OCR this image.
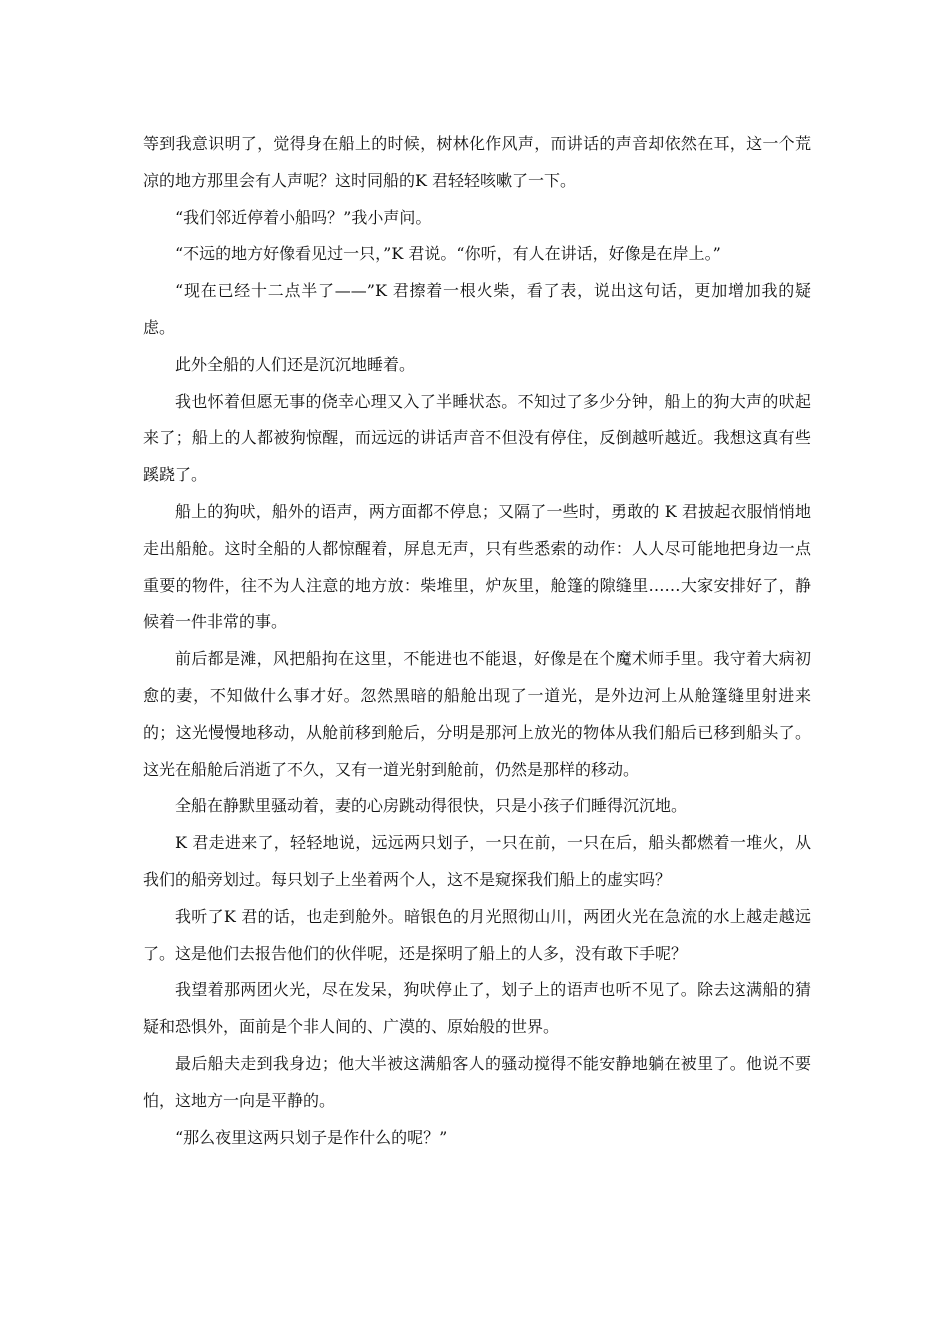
等到我意识明了，觉得身在船上的时候，树林化作风声，而讲话的声音却依然在耳，这一个荒凉的地方那里会有人声呢？这时同船的K 君轻轻咳嗽了一下。

“我们邻近停着小船吗？”我小声问。

“不远的地方好像看见过一只，”K 君说。“你听，有人在讲话，好像是在岸上。”

“现在已经十二点半了——”K 君擦着一根火柴，看了表，说出这句话，更加增加我的疑虑。

此外全船的人们还是沉沉地睡着。

我也怀着但愿无事的侥幸心理又入了半睡状态。不知过了多少分钟，船上的狗大声的吠起来了；船上的人都被狗惊醒，而远远的讲话声音不但没有停住，反倒越听越近。我想这真有些蹊跷了。

船上的狗吠，船外的语声，两方面都不停息；又隔了一些时，勇敢的 K 君披起衣服悄悄地走出船舱。这时全船的人都惊醒着，屏息无声，只有些悉索的动作：人人尽可能地把身边一点重要的物件，往不为人注意的地方放：柴堆里，炉灰里，舱篷的隙缝里……大家安排好了，静候着一件非常的事。

前后都是滩，风把船拘在这里，不能进也不能退，好像是在个魔术师手里。我守着大病初愈的妻，不知做什么事才好。忽然黑暗的船舱出现了一道光，是外边河上从舱篷缝里射进来的；这光慢慢地移动，从舱前移到舱后，分明是那河上放光的物体从我们船后已移到船头了。这光在船舱后消逝了不久，又有一道光射到舱前，仍然是那样的移动。

全船在静默里骚动着，妻的心房跳动得很快，只是小孩子们睡得沉沉地。

K 君走进来了，轻轻地说，远远两只划子，一只在前，一只在后，船头都燃着一堆火，从我们的船旁划过。每只划子上坐着两个人，这不是窥探我们船上的虚实吗？

我听了K 君的话，也走到舱外。暗银色的月光照彻山川，两团火光在急流的水上越走越远了。这是他们去报告他们的伙伴呢，还是探明了船上的人多，没有敢下手呢？

我望着那两团火光，尽在发呆，狗吠停止了，划子上的语声也听不见了。除去这满船的猜疑和恐惧外，面前是个非人间的、广漠的、原始般的世界。

最后船夫走到我身边；他大半被这满船客人的骚动搅得不能安静地躺在被里了。他说不要怕，这地方一向是平静的。

“那么夜里这两只划子是作什么的呢？”
